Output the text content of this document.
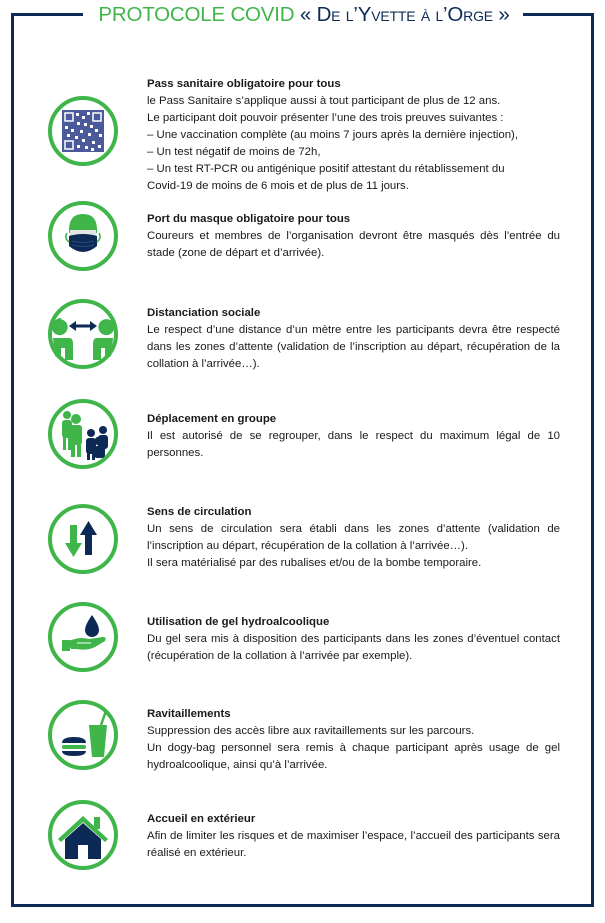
PROTOCOLE COVID « De l’Yvette à l’Orge »
Pass sanitaire obligatoire pour tous
le Pass Sanitaire s’applique aussi à tout participant de plus de 12 ans.
Le participant doit pouvoir présenter l’une des trois preuves suivantes :
– Une vaccination complète (au moins 7 jours après la dernière injection),
– Un test négatif de moins de 72h,
– Un test RT-PCR ou antigénique positif attestant du rétablissement du
Covid-19 de moins de 6 mois et de plus de 11 jours.
Port du masque obligatoire pour tous
Coureurs et membres de l’organisation devront être masqués dès l’entrée du stade (zone de départ et d’arrivée).
Distanciation sociale
Le respect d’une distance d’un mètre entre les participants devra être respecté dans les zones d’attente (validation de l’inscription au départ, récupération de la collation à l’arrivée…).
Déplacement en groupe
Il est autorisé de se regrouper, dans le respect du maximum légal de 10 personnes.
Sens de circulation
Un sens de circulation sera établi dans les zones d’attente (validation de l’inscription au départ, récupération de la collation à l’arrivée…).
Il sera matérialisé par des rubalises et/ou de la bombe temporaire.
Utilisation de gel hydroalcoolique
Du gel sera mis à disposition des participants dans les zones d’éventuel contact (récupération de la collation à l’arrivée par exemple).
Ravitaillements
Suppression des accès libre aux ravitaillements sur les parcours.
Un dogy-bag personnel sera remis à chaque participant après usage de gel hydroalcoolique, ainsi qu’à l’arrivée.
Accueil en extérieur
Afin de limiter les risques et de maximiser l’espace, l’accueil des participants sera réalisé en extérieur.
